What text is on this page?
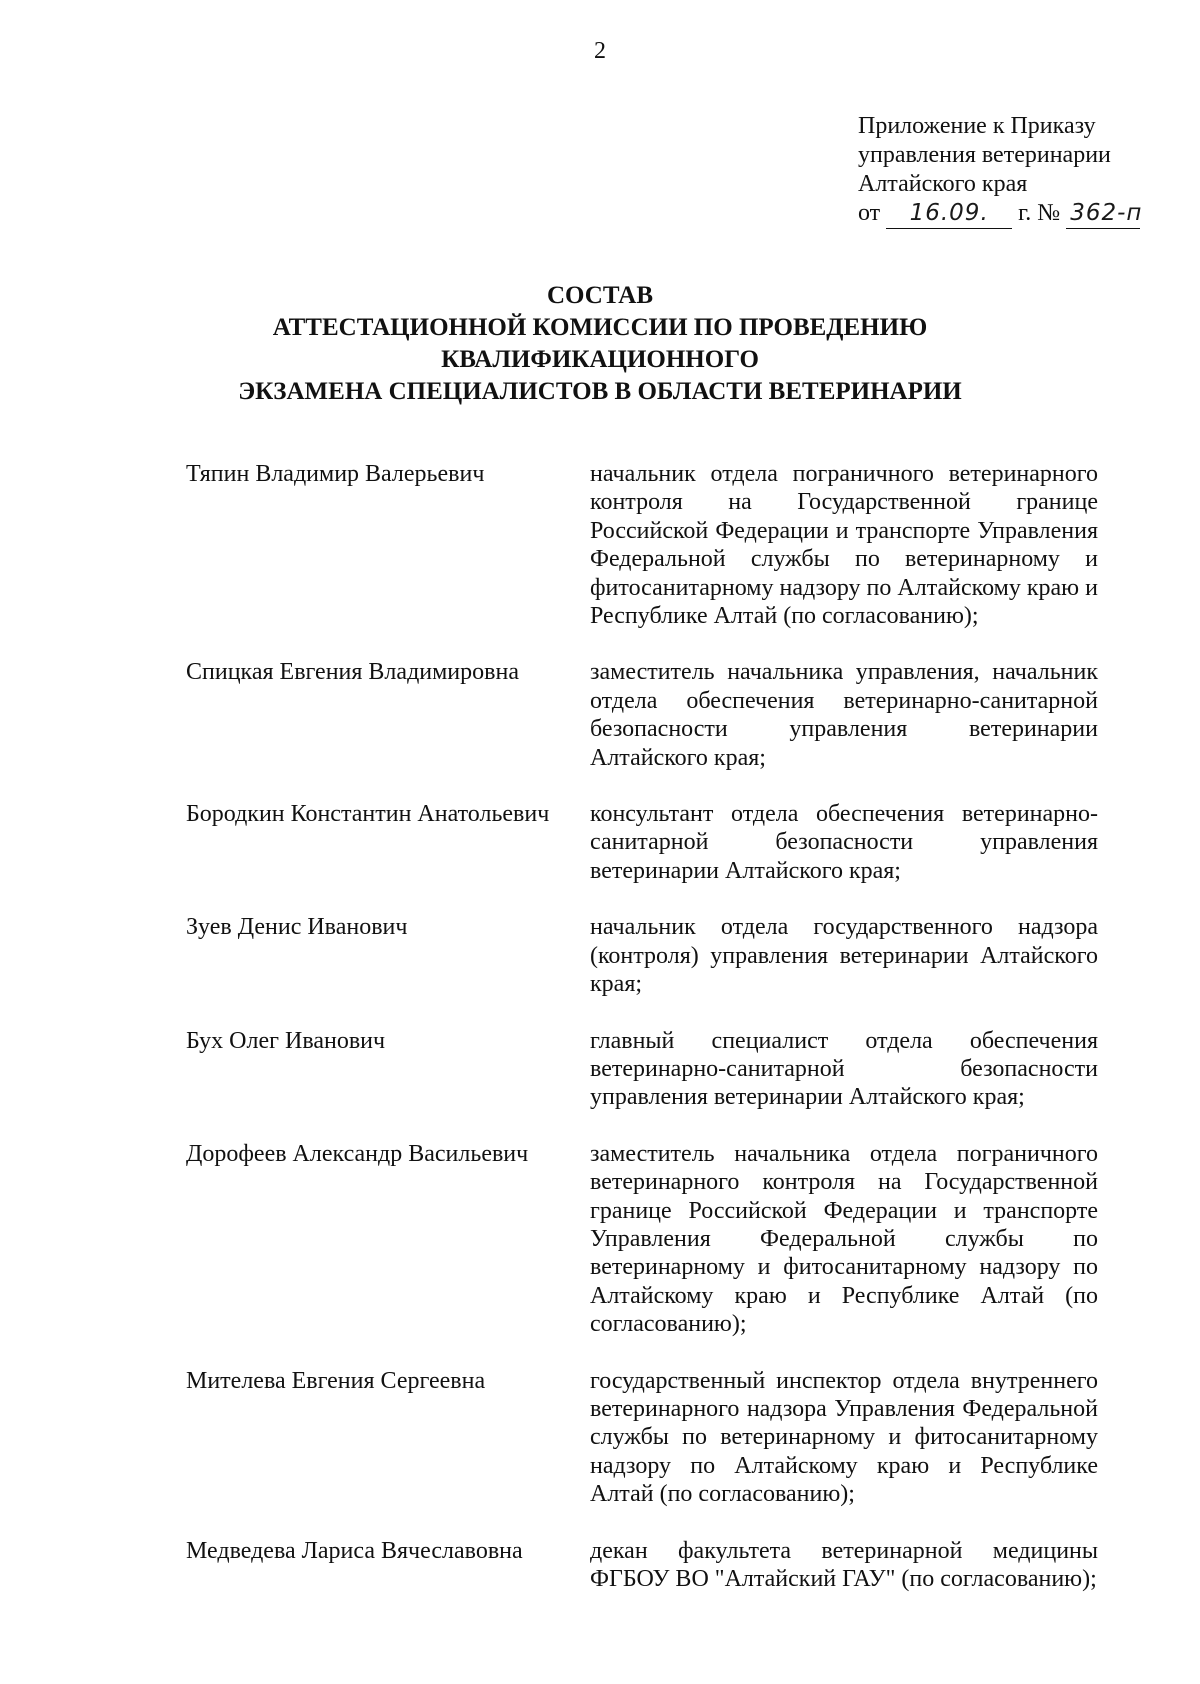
2
Приложение к Приказу
управления ветеринарии
Алтайского края
от 16.09. г. № 362-п
СОСТАВ
АТТЕСТАЦИОННОЙ КОМИССИИ ПО ПРОВЕДЕНИЮ
КВАЛИФИКАЦИОННОГО
ЭКЗАМЕНА СПЕЦИАЛИСТОВ В ОБЛАСТИ ВЕТЕРИНАРИИ
Тяпин Владимир Валерьевич	начальник отдела пограничного ветеринарного контроля на Государственной границе Российской Федерации и транспорте Управления Федеральной службы по ветеринарному и фитосанитарному надзору по Алтайскому краю и Республике Алтай (по согласованию);
Спицкая Евгения Владимировна	заместитель начальника управления, начальник отдела обеспечения ветеринарно-санитарной безопасности управления ветеринарии Алтайского края;
Бородкин Константин Анатольевич	консультант отдела обеспечения ветеринарно-санитарной безопасности управления ветеринарии Алтайского края;
Зуев Денис Иванович	начальник отдела государственного надзора (контроля) управления ветеринарии Алтайского края;
Бух Олег Иванович	главный специалист отдела обеспечения ветеринарно-санитарной безопасности управления ветеринарии Алтайского края;
Дорофеев Александр Васильевич	заместитель начальника отдела пограничного ветеринарного контроля на Государственной границе Российской Федерации и транспорте Управления Федеральной службы по ветеринарному и фитосанитарному надзору по Алтайскому краю и Республике Алтай (по согласованию);
Мителева Евгения Сергеевна	государственный инспектор отдела внутреннего ветеринарного надзора Управления Федеральной службы по ветеринарному и фитосанитарному надзору по Алтайскому краю и Республике Алтай (по согласованию);
Медведева Лариса Вячеславовна	декан факультета ветеринарной медицины ФГБОУ ВО "Алтайский ГАУ" (по согласованию);
